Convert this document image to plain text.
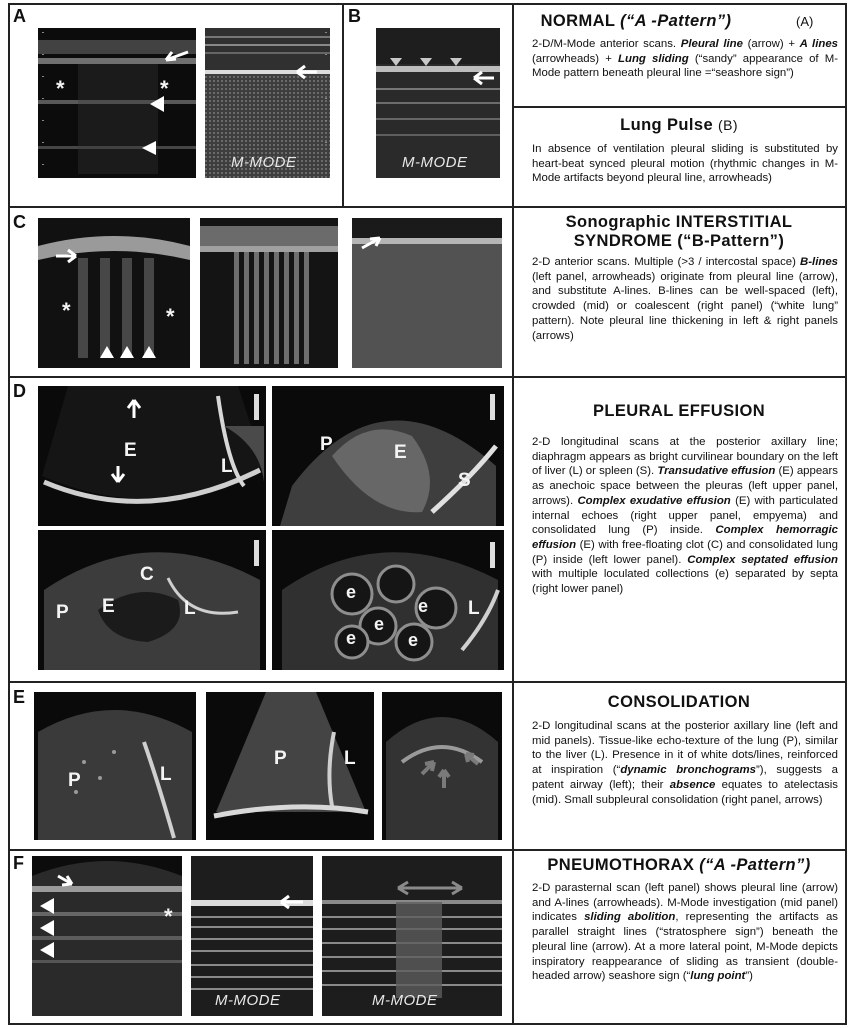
A	B
C
D
E
F
*	*
M-MODE	M-MODE
*	*
E
L
P	E
S
P E
C
L
e
e
e
e	e
L
P	L
P	L
*
M-MODE	M-MODE
NORMAL (“A -Pattern”)	(A)
2-D/M-Mode anterior scans. Pleural line (arrow) + A lines (arrowheads) + Lung sliding (“sandy” appearance of M-Mode pattern beneath pleural line =“seashore sign”)
Lung Pulse (B)
In absence of ventilation pleural sliding is substituted by heart-beat synced pleural motion (rhythmic changes in M-Mode artifacts beyond pleural line, arrowheads)
Sonographic INTERSTITIAL
SYNDROME (“B-Pattern”)
2-D anterior scans. Multiple (>3 / intercostal space) B-lines (left panel, arrowheads) originate from pleural line (arrow), and substitute A-lines. B-lines can be well-spaced (left), crowded (mid) or coalescent (right panel) (“white lung” pattern). Note pleural line thickening in left & right panels (arrows)
PLEURAL EFFUSION
2-D longitudinal scans at the posterior axillary line; diaphragm appears as bright curvilinear boundary on the left of liver (L) or spleen (S). Transudative effusion (E) appears as anechoic space between the pleuras (left upper panel, arrows). Complex exudative effusion (E) with particulated internal echoes (right upper panel, empyema) and consolidated lung (P) inside. Complex hemorragic effusion (E) with free-floating clot (C) and consolidated lung (P) inside (left lower panel). Complex septated effusion with multiple loculated collections (e) separated by septa (right lower panel)
CONSOLIDATION
2-D longitudinal scans at the posterior axillary line (left and mid panels). Tissue-like echo-texture of the lung (P), similar to the liver (L). Presence in it of white dots/lines, reinforced at inspiration (“dynamic bronchograms”), suggests a patent airway (left); their absence equates to atelectasis (mid). Small subpleural consolidation (right panel, arrows)
PNEUMOTHORAX (“A -Pattern”)
2-D parasternal scan (left panel) shows pleural line (arrow) and A-lines (arrowheads). M-Mode investigation (mid panel) indicates sliding abolition, representing the artifacts as parallel straight lines (“stratosphere sign”) beneath the pleural line (arrow). At a more lateral point, M-Mode depicts inspiratory reappearance of sliding as transient (double-headed arrow) seashore sign (“lung point”)
